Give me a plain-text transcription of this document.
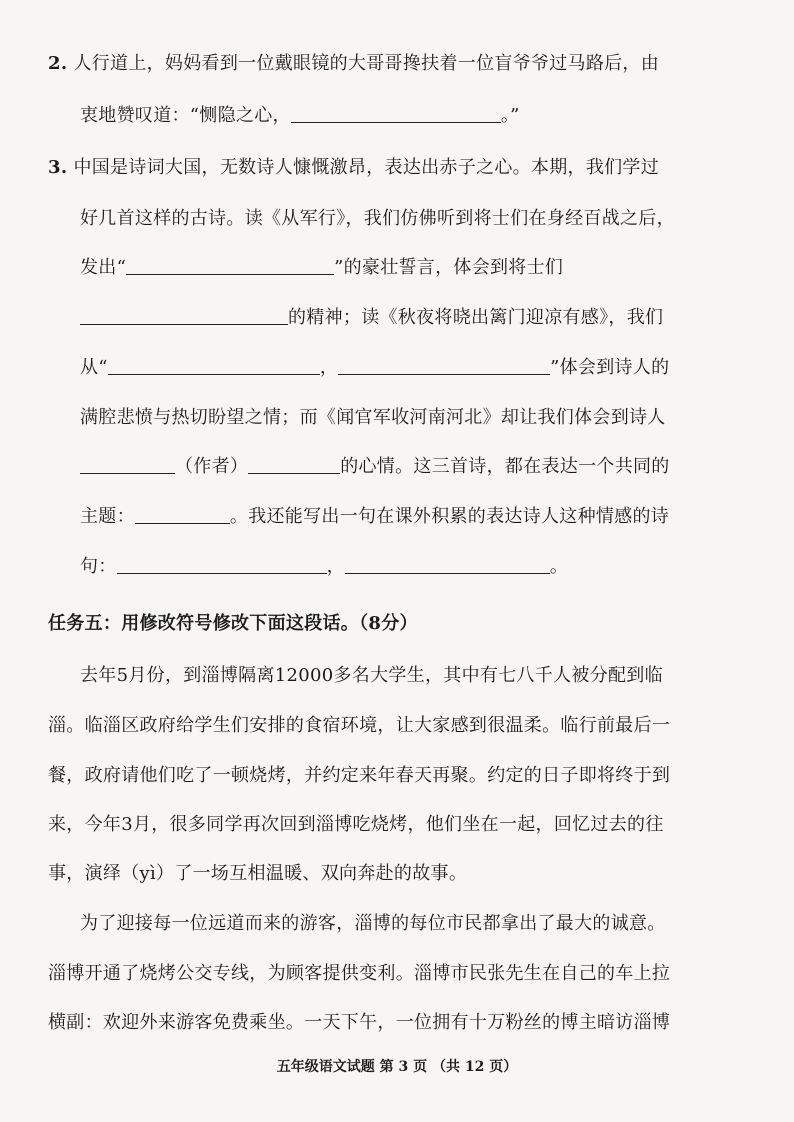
2. 人行道上，妈妈看到一位戴眼镜的大哥哥搀扶着一位盲爷爷过马路后，由
衷地赞叹道：“恻隐之心，	。”
3. 中国是诗词大国，无数诗人慷慨激昂，表达出赤子之心。本期，我们学过
好几首这样的古诗。读《从军行》，我们仿佛听到将士们在身经百战之后，
发出“	”的豪壮誓言，体会到将士们
的精神；读《秋夜将晓出篱门迎凉有感》，我们
从“	，	”体会到诗人的
满腔悲愤与热切盼望之情；而《闻官军收河南河北》却让我们体会到诗人
（作者）	的心情。这三首诗，都在表达一个共同的
主题：	。我还能写出一句在课外积累的表达诗人这种情感的诗
句：	，	。
任务五：用修改符号修改下面这段话。（8分）
去年5月份，到淄博隔离12000多名大学生，其中有七八千人被分配到临
淄。临淄区政府给学生们安排的食宿环境，让大家感到很温柔。临行前最后一
餐，政府请他们吃了一顿烧烤，并约定来年春天再聚。约定的日子即将终于到
来，今年3月，很多同学再次回到淄博吃烧烤，他们坐在一起，回忆过去的往
事，演绎（yì）了一场互相温暖、双向奔赴的故事。
为了迎接每一位远道而来的游客，淄博的每位市民都拿出了最大的诚意。
淄博开通了烧烤公交专线，为顾客提供变利。淄博市民张先生在自己的车上拉
横副：欢迎外来游客免费乘坐。一天下午，一位拥有十万粉丝的博主暗访淄博
五年级语文试题 第 3 页 （共 12 页）
